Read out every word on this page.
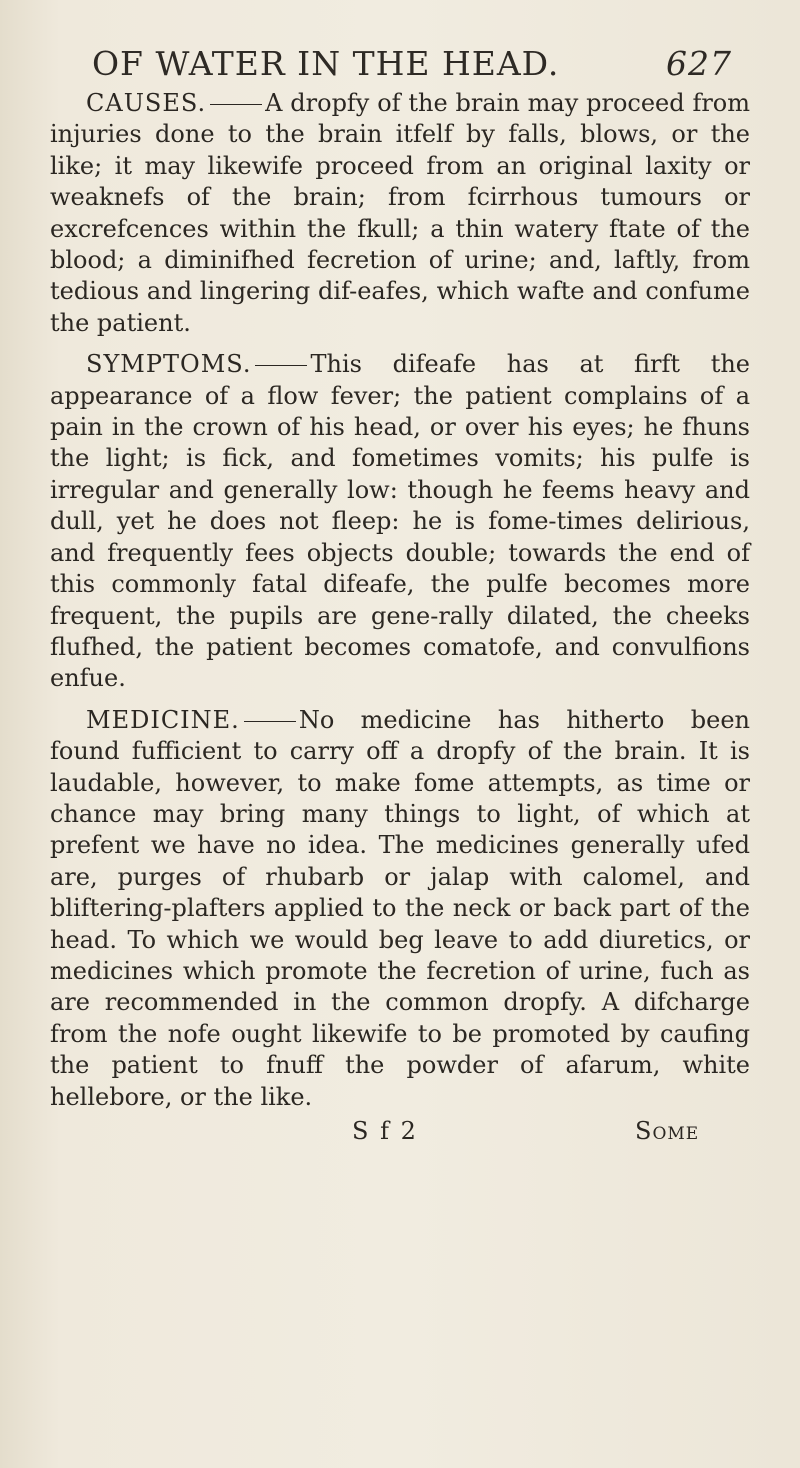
OF WATER IN THE HEAD.	627

CAUSES. A dropfy of the brain may proceed from injuries done to the brain itfelf by falls, blows, or the like; it may likewife proceed from an original laxity or weaknefs of the brain; from fcirrhous tumours or excrefcences within the fkull; a thin watery ftate of the blood; a diminifhed fecretion of urine; and, laftly, from tedious and lingering dif-eafes, which wafte and confume the patient.

SYMPTOMS. This difeafe has at firft the appearance of a flow fever; the patient complains of a pain in the crown of his head, or over his eyes; he fhuns the light; is fick, and fometimes vomits; his pulfe is irregular and generally low: though he feems heavy and dull, yet he does not fleep: he is fome-times delirious, and frequently fees objects double; towards the end of this commonly fatal difeafe, the pulfe becomes more frequent, the pupils are gene-rally dilated, the cheeks flufhed, the patient becomes comatofe, and convulfions enfue.

MEDICINE. No medicine has hitherto been found fufficient to carry off a dropfy of the brain. It is laudable, however, to make fome attempts, as time or chance may bring many things to light, of which at prefent we have no idea. The medicines generally ufed are, purges of rhubarb or jalap with calomel, and bliftering-plafters applied to the neck or back part of the head. To which we would beg leave to add diuretics, or medicines which promote the fecretion of urine, fuch as are recommended in the common dropfy. A difcharge from the nofe ought likewife to be promoted by caufing the patient to fnuff the powder of afarum, white hellebore, or the like.

S f 2	Some
